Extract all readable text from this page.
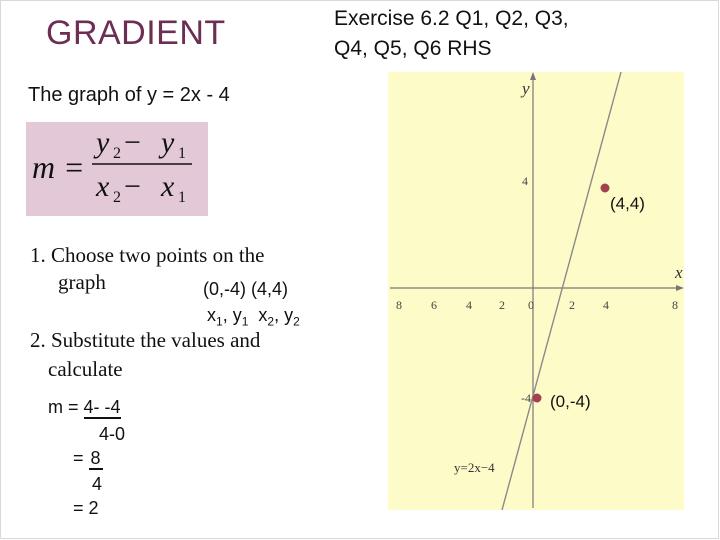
GRADIENT	Exercise 6.2 Q1, Q2, Q3,
Q4, Q5, Q6 RHS
The graph of y = 2x - 4
m =
y 2 − y 1
x 2 − x 1
1. Choose two points on the
graph	(0,-4) (4,4)
$x_1$, $y_1$ $x_2$, $y_2$
2. Substitute the values and
calculate
m = 4- -4
4-0
= 8
4
= 2
y
x
8 6 4 2 0	2 4	8
4
-4
y=2x−4
(4,4)
(0,-4)
